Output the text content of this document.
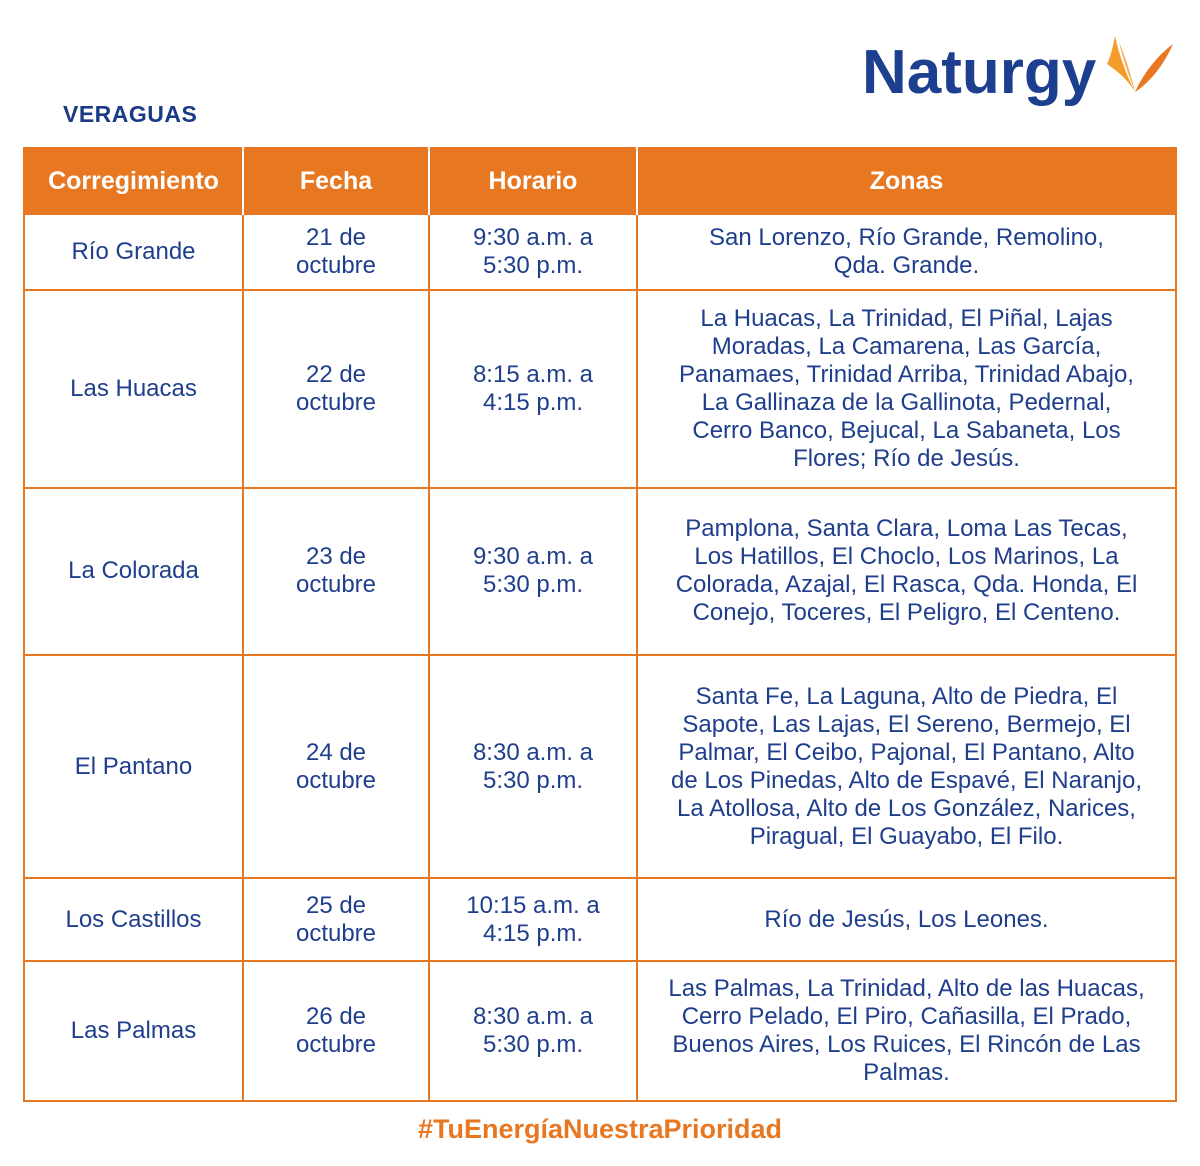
VERAGUAS
Naturgy
Corregimiento	Fecha	Horario	Zonas
Río Grande	21 de octubre	9:30 a.m. a 5:30 p.m.	San Lorenzo, Río Grande, Remolino, Qda. Grande.
Las Huacas	22 de octubre	8:15 a.m. a 4:15 p.m.	La Huacas, La Trinidad, El Piñal, Lajas Moradas, La Camarena, Las García, Panamaes, Trinidad Arriba, Trinidad Abajo, La Gallinaza de la Gallinota, Pedernal, Cerro Banco, Bejucal, La Sabaneta, Los Flores; Río de Jesús.
La Colorada	23 de octubre	9:30 a.m. a 5:30 p.m.	Pamplona, Santa Clara, Loma Las Tecas, Los Hatillos, El Choclo, Los Marinos, La Colorada, Azajal, El Rasca, Qda. Honda, El Conejo, Toceres, El Peligro, El Centeno.
El Pantano	24 de octubre	8:30 a.m. a 5:30 p.m.	Santa Fe, La Laguna, Alto de Piedra, El Sapote, Las Lajas, El Sereno, Bermejo, El Palmar, El Ceibo, Pajonal, El Pantano, Alto de Los Pinedas, Alto de Espavé, El Naranjo, La Atollosa, Alto de Los González, Narices, Piragual, El Guayabo, El Filo.
Los Castillos	25 de octubre	10:15 a.m. a 4:15 p.m.	Río de Jesús, Los Leones.
Las Palmas	26 de octubre	8:30 a.m. a 5:30 p.m.	Las Palmas, La Trinidad, Alto de las Huacas, Cerro Pelado, El Piro, Cañasilla, El Prado, Buenos Aires, Los Ruices, El Rincón de Las Palmas.
#TuEnergíaNuestraPrioridad
